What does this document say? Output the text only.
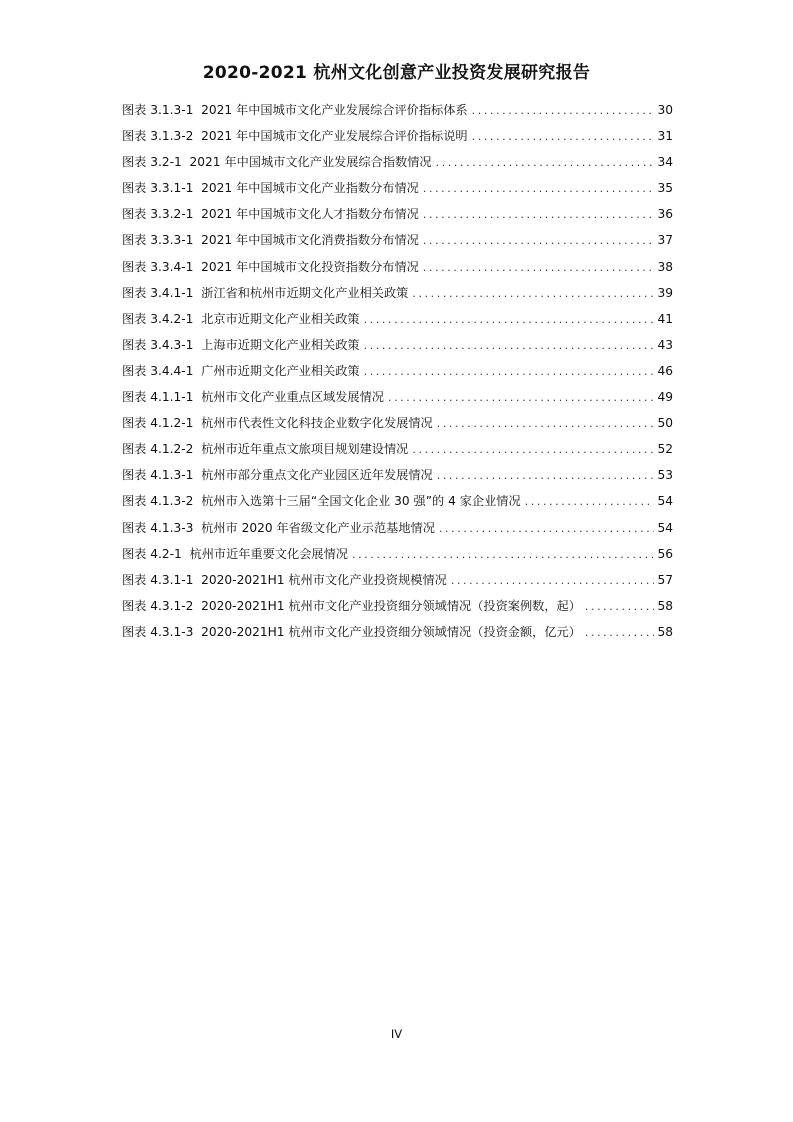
2020-2021 杭州文化创意产业投资发展研究报告
图表 3.1.3-1  2021 年中国城市文化产业发展综合评价指标体系 .....	30
图表 3.1.3-2  2021 年中国城市文化产业发展综合评价指标说明 .....	31
图表 3.2-1  2021 年中国城市文化产业发展综合指数情况 .....	34
图表 3.3.1-1  2021 年中国城市文化产业指数分布情况 .....	35
图表 3.3.2-1  2021 年中国城市文化人才指数分布情况 .....	36
图表 3.3.3-1  2021 年中国城市文化消费指数分布情况 .....	37
图表 3.3.4-1  2021 年中国城市文化投资指数分布情况 .....	38
图表 3.4.1-1  浙江省和杭州市近期文化产业相关政策 .....	39
图表 3.4.2-1  北京市近期文化产业相关政策 .....	41
图表 3.4.3-1  上海市近期文化产业相关政策 .....	43
图表 3.4.4-1  广州市近期文化产业相关政策 .....	46
图表 4.1.1-1  杭州市文化产业重点区域发展情况 .....	49
图表 4.1.2-1  杭州市代表性文化科技企业数字化发展情况 .....	50
图表 4.1.2-2  杭州市近年重点文旅项目规划建设情况 .....	52
图表 4.1.3-1  杭州市部分重点文化产业园区近年发展情况 .....	53
图表 4.1.3-2  杭州市入选第十三届“全国文化企业 30 强”的 4 家企业情况 .....	54
图表 4.1.3-3  杭州市 2020 年省级文化产业示范基地情况 .....	54
图表 4.2-1  杭州市近年重要文化会展情况 .....	56
图表 4.3.1-1  2020-2021H1 杭州市文化产业投资规模情况 .....	57
图表 4.3.1-2  2020-2021H1 杭州市文化产业投资细分领域情况（投资案例数，起） .....	58
图表 4.3.1-3  2020-2021H1 杭州市文化产业投资细分领域情况（投资金额，亿元） .....	58
IV
